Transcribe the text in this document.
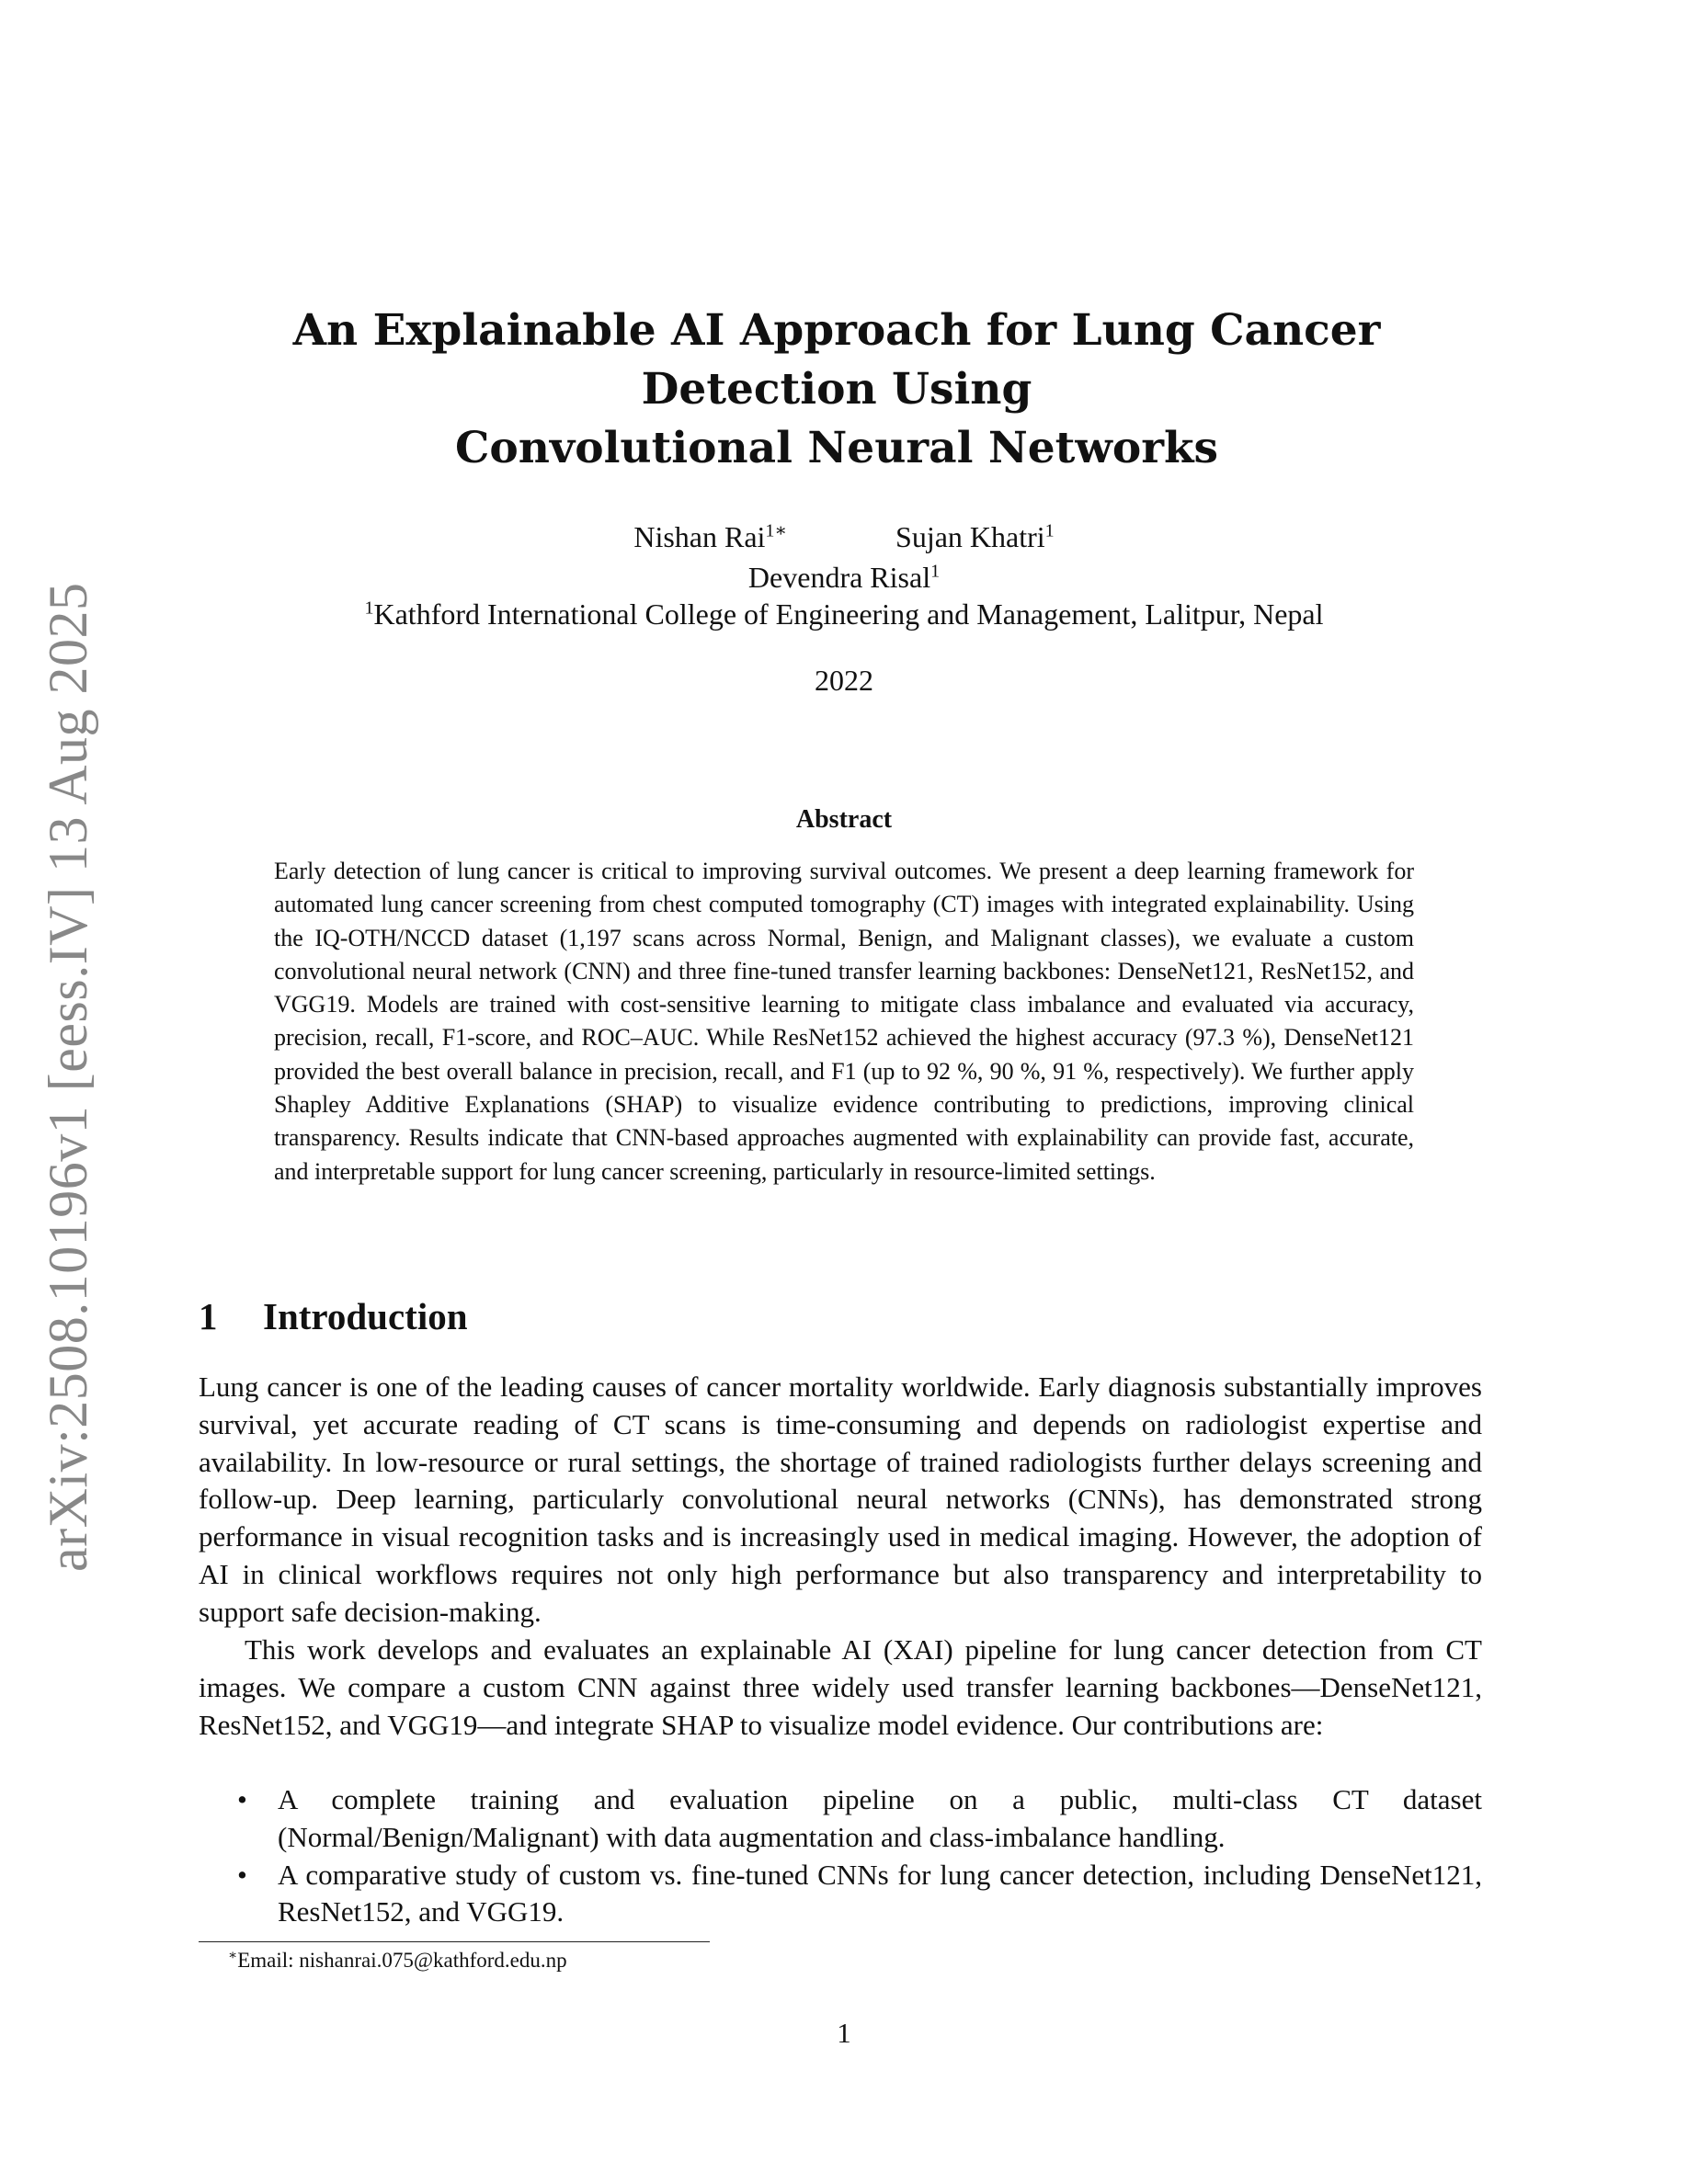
arXiv:2508.10196v1 [eess.IV] 13 Aug 2025
An Explainable AI Approach for Lung Cancer
Detection Using
Convolutional Neural Networks
Nishan Rai$^{1∗}$	Sujan Khatri$^1$
Devendra Risal$^1$
$^1$Kathford International College of Engineering and Management, Lalitpur, Nepal
2022
Abstract

Early detection of lung cancer is critical to improving survival outcomes. We present a deep learning framework for automated lung cancer screening from chest computed tomography (CT) images with integrated explainability. Using the IQ-OTH/NCCD dataset (1,197 scans across Normal, Benign, and Malignant classes), we evaluate a custom convolutional neural network (CNN) and three fine-tuned transfer learning backbones: DenseNet121, ResNet152, and VGG19. Models are trained with cost-sensitive learning to mitigate class imbalance and evaluated via accuracy, precision, recall, F1-score, and ROC–AUC. While ResNet152 achieved the highest accuracy (97.3 %), DenseNet121 provided the best overall balance in precision, recall, and F1 (up to 92 %, 90 %, 91 %, respectively). We further apply Shapley Additive Explanations (SHAP) to visualize evidence contributing to predictions, improving clinical transparency. Results indicate that CNN-based approaches augmented with explainability can provide fast, accurate, and interpretable support for lung cancer screening, particularly in resource-limited settings.

1 Introduction

Lung cancer is one of the leading causes of cancer mortality worldwide. Early diagnosis substantially improves survival, yet accurate reading of CT scans is time-consuming and depends on radiologist expertise and availability. In low-resource or rural settings, the shortage of trained radiologists further delays screening and follow-up. Deep learning, particularly convolutional neural networks (CNNs), has demonstrated strong performance in visual recognition tasks and is increasingly used in medical imaging. However, the adoption of AI in clinical workflows requires not only high performance but also transparency and interpretability to support safe decision-making.

This work develops and evaluates an explainable AI (XAI) pipeline for lung cancer detection from CT images. We compare a custom CNN against three widely used transfer learning backbones—DenseNet121, ResNet152, and VGG19—and integrate SHAP to visualize model evidence. Our contributions are:

• A complete training and evaluation pipeline on a public, multi-class CT dataset (Normal/Benign/Malignant) with data augmentation and class-imbalance handling.
• A comparative study of custom vs. fine-tuned CNNs for lung cancer detection, including DenseNet121, ResNet152, and VGG19.
∗Email: nishanrai.075@kathford.edu.np
1
